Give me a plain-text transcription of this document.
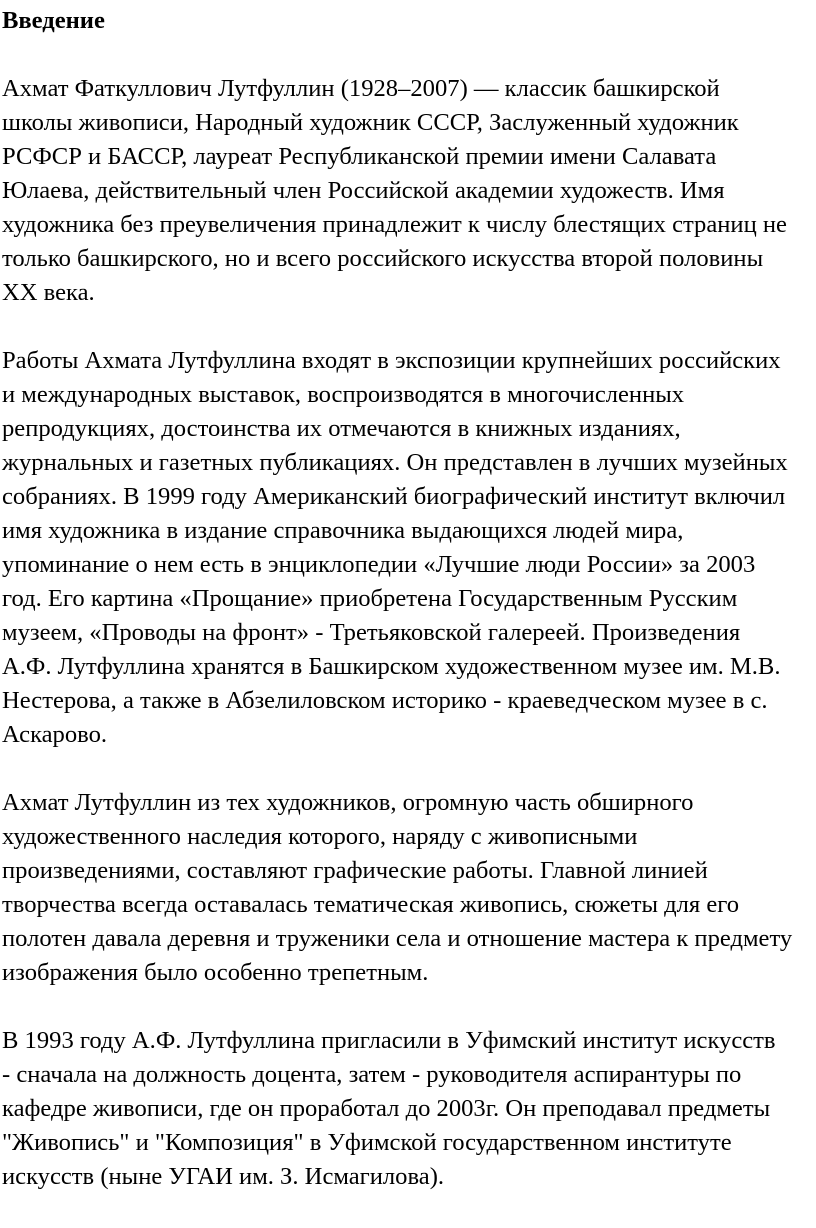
Введение
Ахмат Фаткуллович Лутфуллин (1928–2007) — классик башкирской
школы живописи, Народный художник СССР, Заслуженный художник
РСФСР и БАССР, лауреат Республиканской премии имени Салавата
Юлаева, действительный член Российской академии художеств. Имя
художника без преувеличения принадлежит к числу блестящих страниц не
только башкирского, но и всего российского искусства второй половины
XX века.
Работы Ахмата Лутфуллина входят в экспозиции крупнейших российских
и международных выставок, воспроизводятся в многочисленных
репродукциях, достоинства их отмечаются в книжных изданиях,
журнальных и газетных публикациях. Он представлен в лучших музейных
собраниях. В 1999 году Американский биографический институт включил
имя художника в издание справочника выдающихся людей мира,
упоминание о нем есть в энциклопедии «Лучшие люди России» за 2003
год. Его картина «Прощание» приобретена Государственным Русским
музеем, «Проводы на фронт» - Третьяковской галереей. Произведения
А.Ф. Лутфуллина хранятся в Башкирском художественном музее им. М.В.
Нестерова, а также в Абзелиловском историко - краеведческом музее в с.
Аскарово.
Ахмат Лутфуллин из тех художников, огромную часть обширного
художественного наследия которого, наряду с живописными
произведениями, составляют графические работы. Главной линией
творчества всегда оставалась тематическая живопись, сюжеты для его
полотен давала деревня и труженики села и отношение мастера к предмету
изображения было особенно трепетным.
В 1993 году А.Ф. Лутфуллина пригласили в Уфимский институт искусств
- сначала на должность доцента, затем - руководителя аспирантуры по
кафедре живописи, где он проработал до 2003г. Он преподавал предметы
"Живопись" и "Композиция" в Уфимской государственном институте
искусств (ныне УГАИ им. З. Исмагилова).
